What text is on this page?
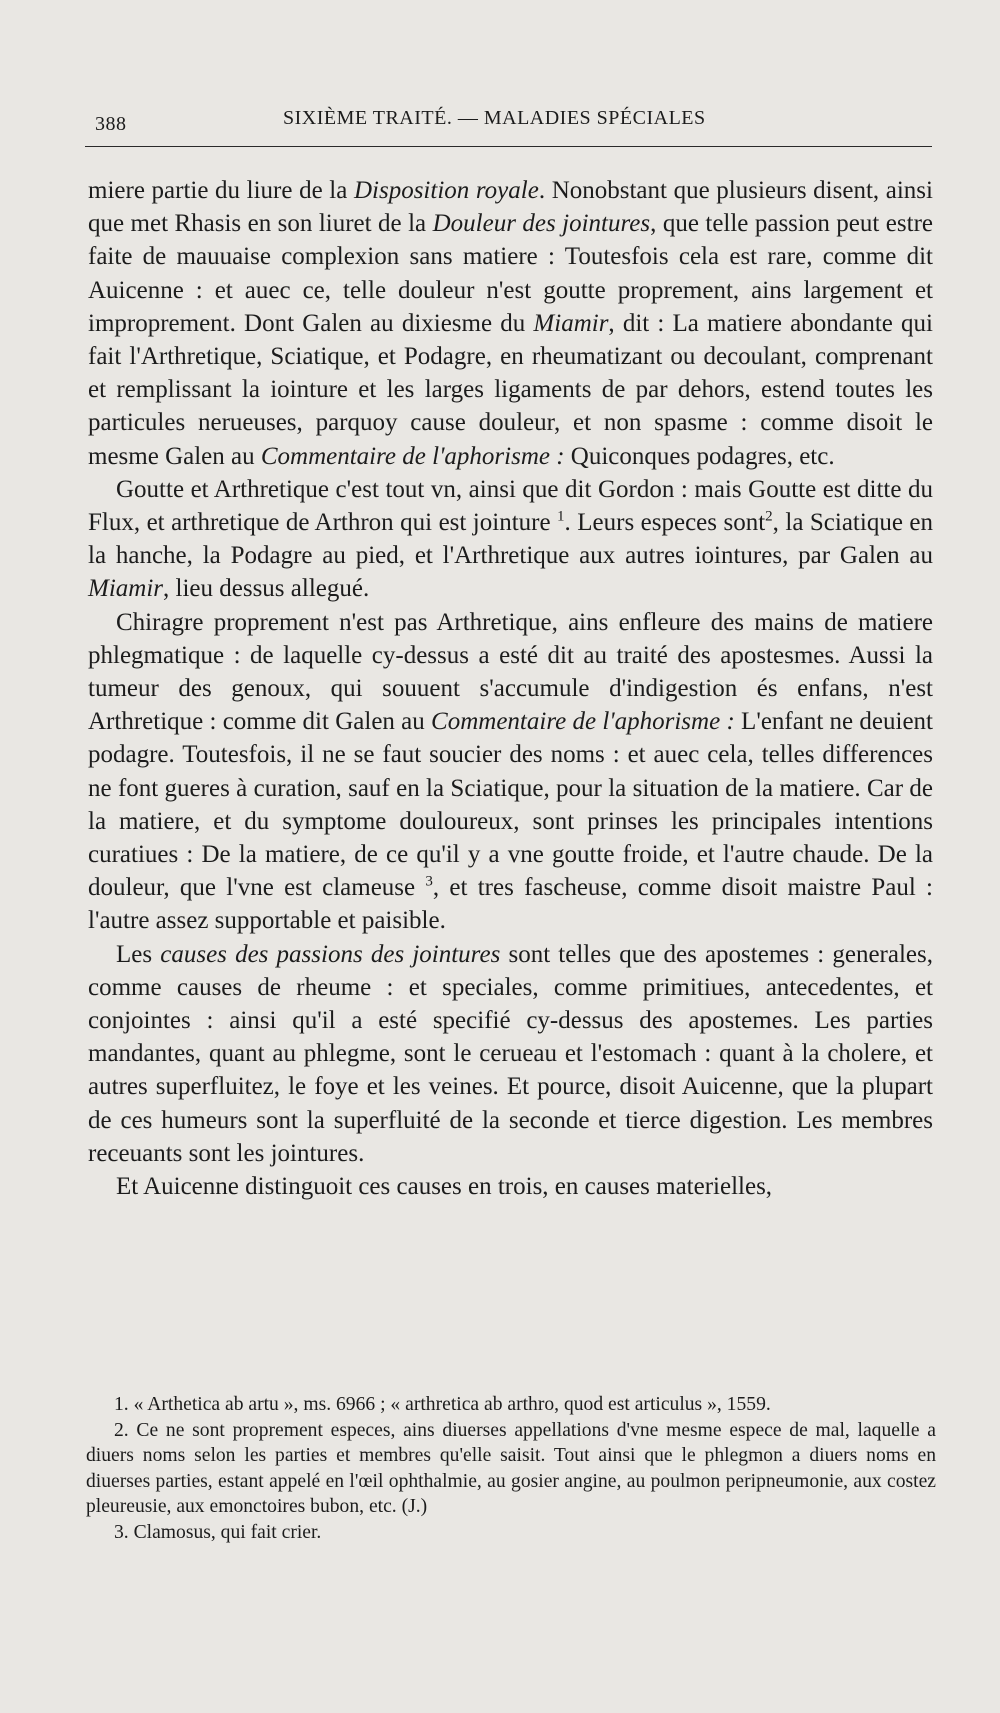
388	SIXIÈME TRAITÉ. — MALADIES SPÉCIALES

miere partie du liure de la Disposition royale. Nonobstant que plusieurs disent, ainsi que met Rhasis en son liuret de la Douleur des jointures, que telle passion peut estre faite de mauuaise complexion sans matiere : Toutesfois cela est rare, comme dit Auicenne : et auec ce, telle douleur n'est goutte proprement, ains largement et improprement. Dont Galen au dixiesme du Miamir, dit : La matiere abondante qui fait l'Arthretique, Sciatique, et Podagre, en rheumatizant ou decoulant, comprenant et remplissant la iointure et les larges ligaments de par dehors, estend toutes les particules nerueuses, parquoy cause douleur, et non spasme : comme disoit le mesme Galen au Commentaire de l'aphorisme : Quiconques podagres, etc.

Goutte et Arthretique c'est tout vn, ainsi que dit Gordon : mais Goutte est ditte du Flux, et arthretique de Arthron qui est jointure $^1$. Leurs especes sont$^2$, la Sciatique en la hanche, la Podagre au pied, et l'Arthretique aux autres iointures, par Galen au Miamir, lieu dessus allegué.

Chiragre proprement n'est pas Arthretique, ains enfleure des mains de matiere phlegmatique : de laquelle cy-dessus a esté dit au traité des apostesmes. Aussi la tumeur des genoux, qui souuent s'accumule d'indigestion és enfans, n'est Arthretique : comme dit Galen au Commentaire de l'aphorisme : L'enfant ne deuient podagre. Toutesfois, il ne se faut soucier des noms : et auec cela, telles differences ne font gueres à curation, sauf en la Sciatique, pour la situation de la matiere. Car de la matiere, et du symptome douloureux, sont prinses les principales intentions curatiues : De la matiere, de ce qu'il y a vne goutte froide, et l'autre chaude. De la douleur, que l'vne est clameuse $^3$, et tres fascheuse, comme disoit maistre Paul : l'autre assez supportable et paisible.

Les causes des passions des jointures sont telles que des apostemes : generales, comme causes de rheume : et speciales, comme primitiues, antecedentes, et conjointes : ainsi qu'il a esté specifié cy-dessus des apostemes. Les parties mandantes, quant au phlegme, sont le cerueau et l'estomach : quant à la cholere, et autres superfluitez, le foye et les veines. Et pource, disoit Auicenne, que la plupart de ces humeurs sont la superfluité de la seconde et tierce digestion. Les membres receuants sont les jointures.

Et Auicenne distinguoit ces causes en trois, en causes materielles,

1. « Arthetica ab artu », ms. 6966 ; « arthretica ab arthro, quod est articulus », 1559.

2. Ce ne sont proprement especes, ains diuerses appellations d'vne mesme espece de mal, laquelle a diuers noms selon les parties et membres qu'elle saisit. Tout ainsi que le phlegmon a diuers noms en diuerses parties, estant appelé en l'œil ophthalmie, au gosier angine, au poulmon peripneumonie, aux costez pleureusie, aux emonctoires bubon, etc. (J.)

3. Clamosus, qui fait crier.
